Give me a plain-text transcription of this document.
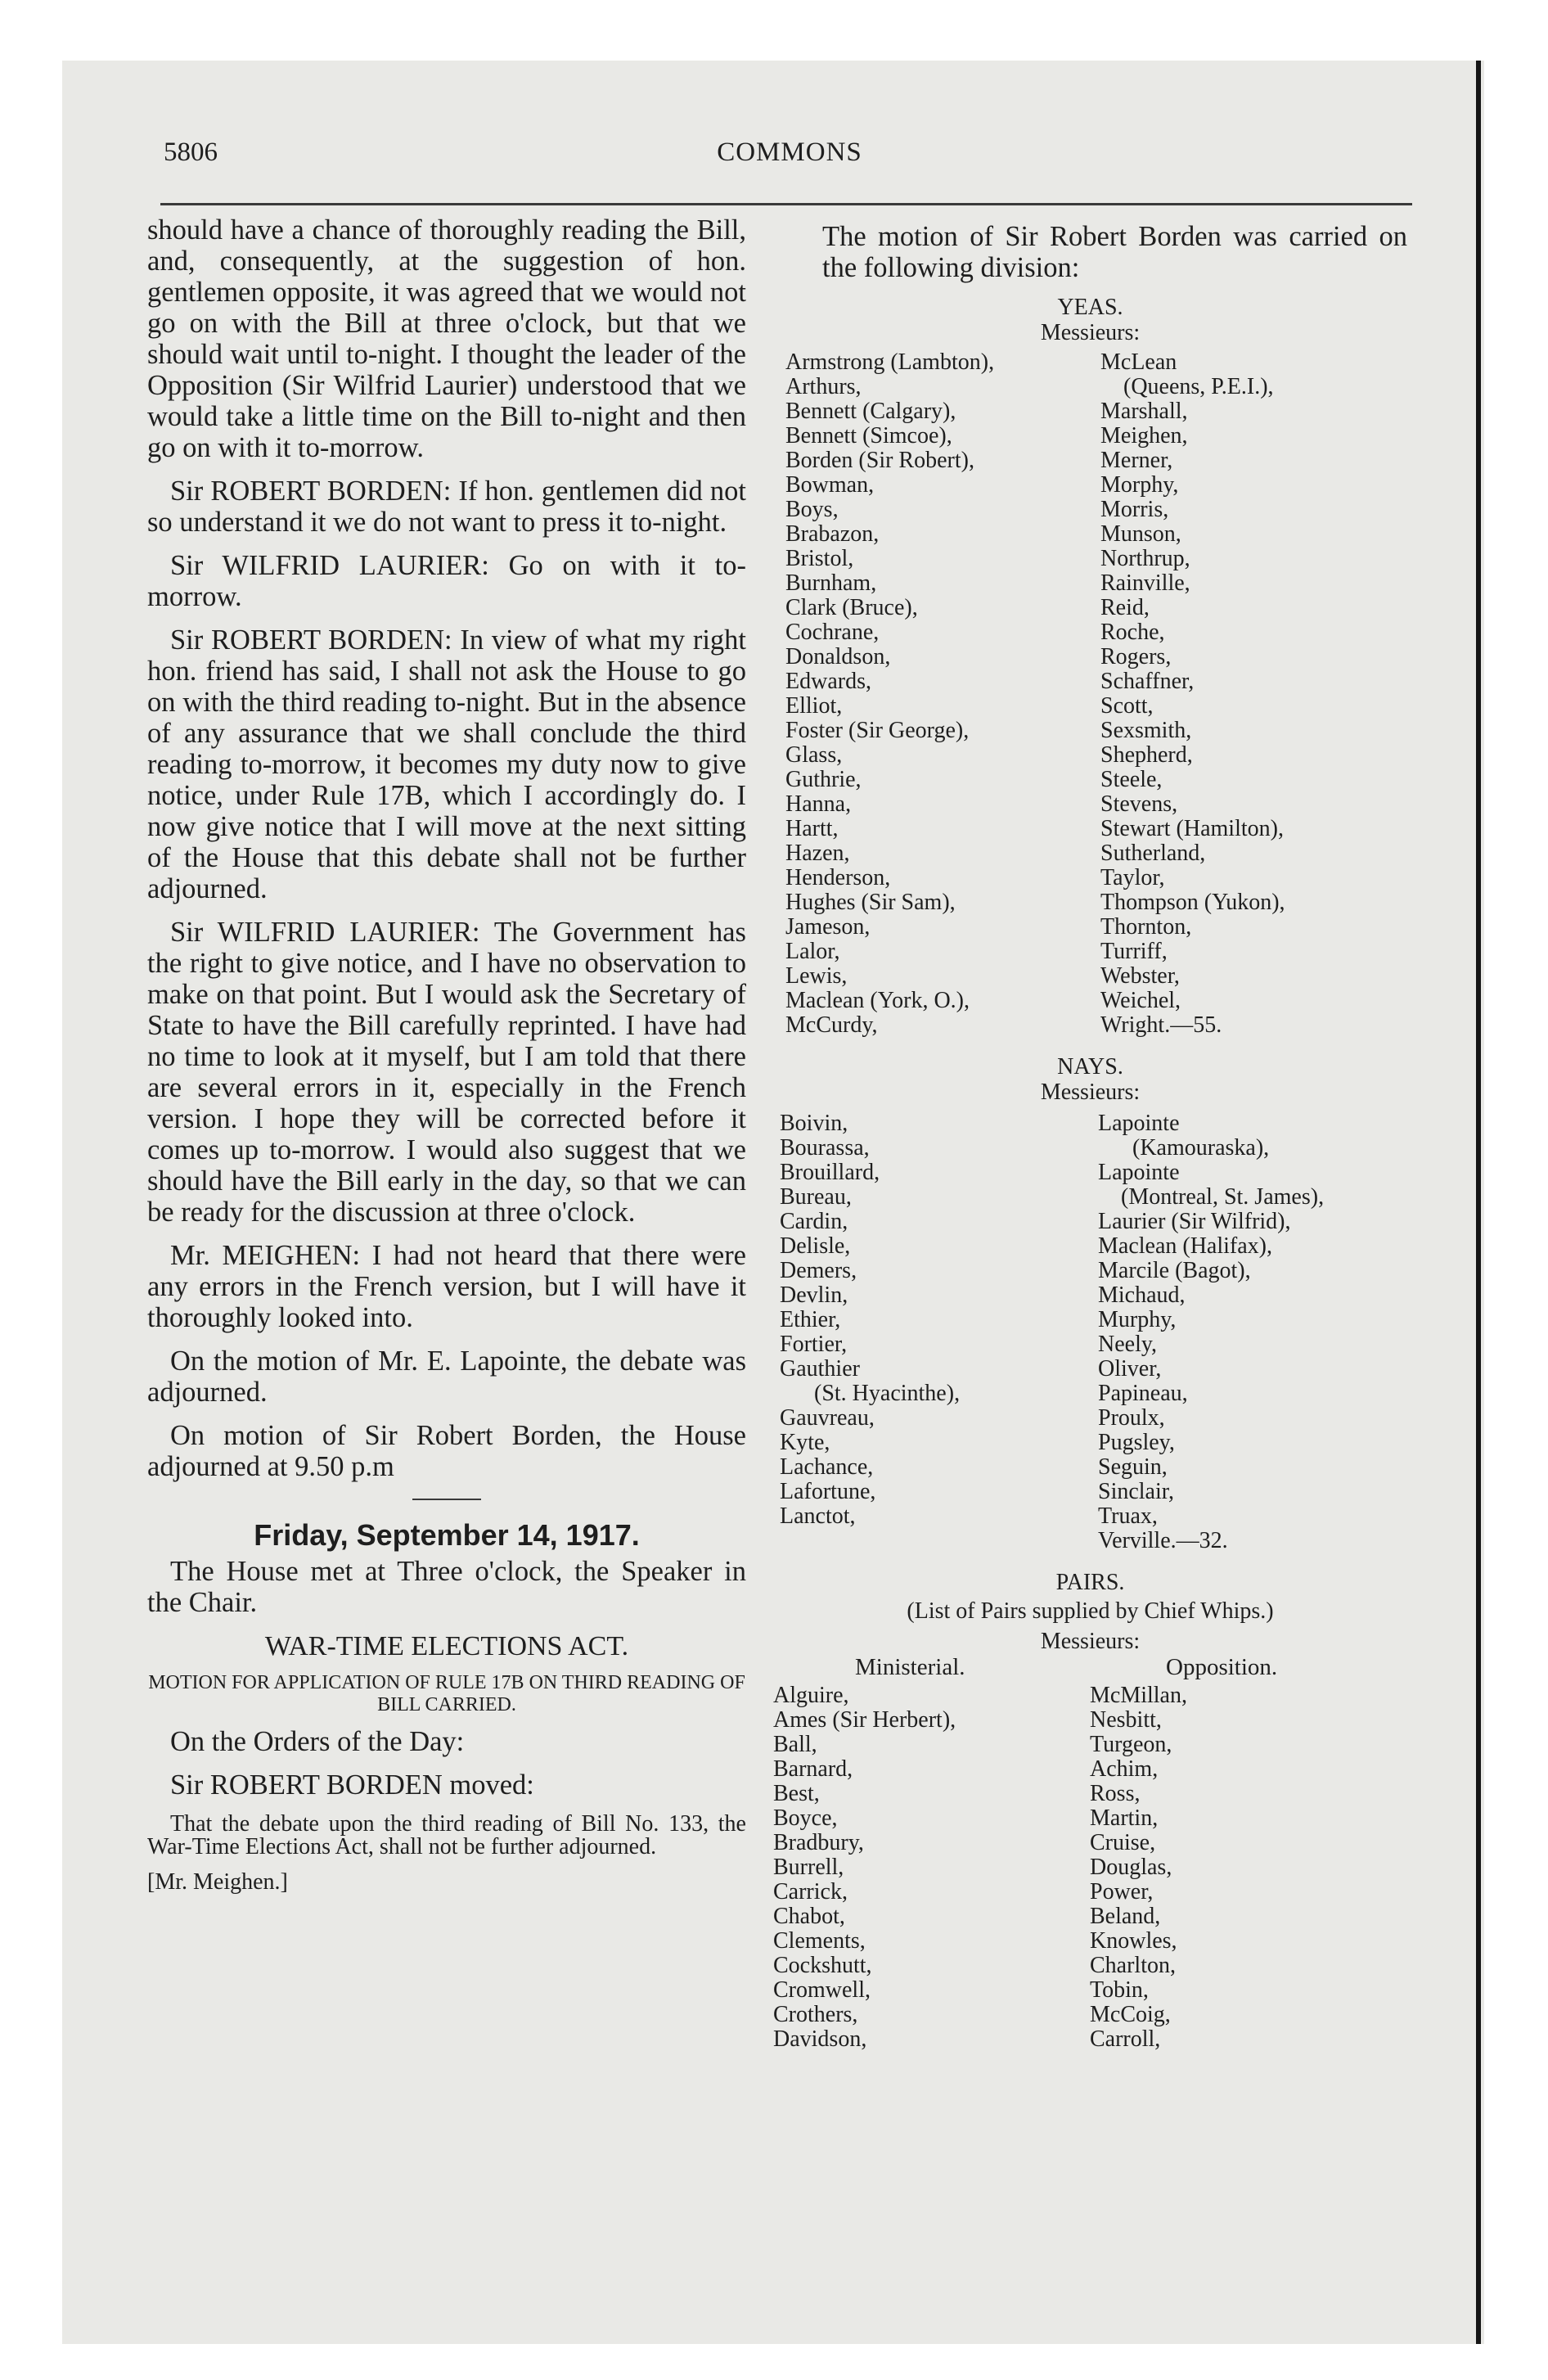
5806	COMMONS

should have a chance of thoroughly reading the Bill, and, consequently, at the suggestion of hon. gentlemen opposite, it was agreed that we would not go on with the Bill at three o'clock, but that we should wait until to-night. I thought the leader of the Opposition (Sir Wilfrid Laurier) understood that we would take a little time on the Bill to-night and then go on with it to-morrow.

Sir ROBERT BORDEN: If hon. gentlemen did not so understand it we do not want to press it to-night.

Sir WILFRID LAURIER: Go on with it to-morrow.

Sir ROBERT BORDEN: In view of what my right hon. friend has said, I shall not ask the House to go on with the third reading to-night. But in the absence of any assurance that we shall conclude the third reading to-morrow, it becomes my duty now to give notice, under Rule 17B, which I accordingly do. I now give notice that I will move at the next sitting of the House that this debate shall not be further adjourned.

Sir WILFRID LAURIER: The Government has the right to give notice, and I have no observation to make on that point. But I would ask the Secretary of State to have the Bill carefully reprinted. I have had no time to look at it myself, but I am told that there are several errors in it, especially in the French version. I hope they will be corrected before it comes up to-morrow. I would also suggest that we should have the Bill early in the day, so that we can be ready for the discussion at three o'clock.

Mr. MEIGHEN: I had not heard that there were any errors in the French version, but I will have it thoroughly looked into.

On the motion of Mr. E. Lapointe, the debate was adjourned.

On motion of Sir Robert Borden, the House adjourned at 9.50 p.m

Friday, September 14, 1917.

The House met at Three o'clock, the Speaker in the Chair.

WAR-TIME ELECTIONS ACT.
MOTION FOR APPLICATION OF RULE 17B ON THIRD READING OF BILL CARRIED.

On the Orders of the Day:

Sir ROBERT BORDEN moved:

That the debate upon the third reading of Bill No. 133, the War-Time Elections Act, shall not be further adjourned.

[Mr. Meighen.]

The motion of Sir Robert Borden was carried on the following division:

YEAS.

Messieurs:

Armstrong (Lambton),
Arthurs,
Bennett (Calgary),
Bennett (Simcoe),
Borden (Sir Robert),
Bowman,
Boys,
Brabazon,
Bristol,
Burnham,
Clark (Bruce),
Cochrane,
Donaldson,
Edwards,
Elliot,
Foster (Sir George),
Glass,
Guthrie,
Hanna,
Hartt,
Hazen,
Henderson,
Hughes (Sir Sam),
Jameson,
Lalor,
Lewis,
Maclean (York, O.),
McCurdy,
McLean
(Queens, P.E.I.),
Marshall,
Meighen,
Merner,
Morphy,
Morris,
Munson,
Northrup,
Rainville,
Reid,
Roche,
Rogers,
Schaffner,
Scott,
Sexsmith,
Shepherd,
Steele,
Stevens,
Stewart (Hamilton),
Sutherland,
Taylor,
Thompson (Yukon),
Thornton,
Turriff,
Webster,
Weichel,
Wright.—55.

NAYS.

Messieurs:

Boivin,
Bourassa,
Brouillard,
Bureau,
Cardin,
Delisle,
Demers,
Devlin,
Ethier,
Fortier,
Gauthier
(St. Hyacinthe),
Gauvreau,
Kyte,
Lachance,
Lafortune,
Lanctot,
Lapointe
(Kamouraska),
Lapointe
(Montreal, St. James),
Laurier (Sir Wilfrid),
Maclean (Halifax),
Marcile (Bagot),
Michaud,
Murphy,
Neely,
Oliver,
Papineau,
Proulx,
Pugsley,
Seguin,
Sinclair,
Truax,
Verville.—32.

PAIRS.

(List of Pairs supplied by Chief Whips.)

Messieurs:

Ministerial.	Opposition.
Alguire,
Ames (Sir Herbert),
Ball,
Barnard,
Best,
Boyce,
Bradbury,
Burrell,
Carrick,
Chabot,
Clements,
Cockshutt,
Cromwell,
Crothers,
Davidson,
McMillan,
Nesbitt,
Turgeon,
Achim,
Ross,
Martin,
Cruise,
Douglas,
Power,
Beland,
Knowles,
Charlton,
Tobin,
McCoig,
Carroll,
